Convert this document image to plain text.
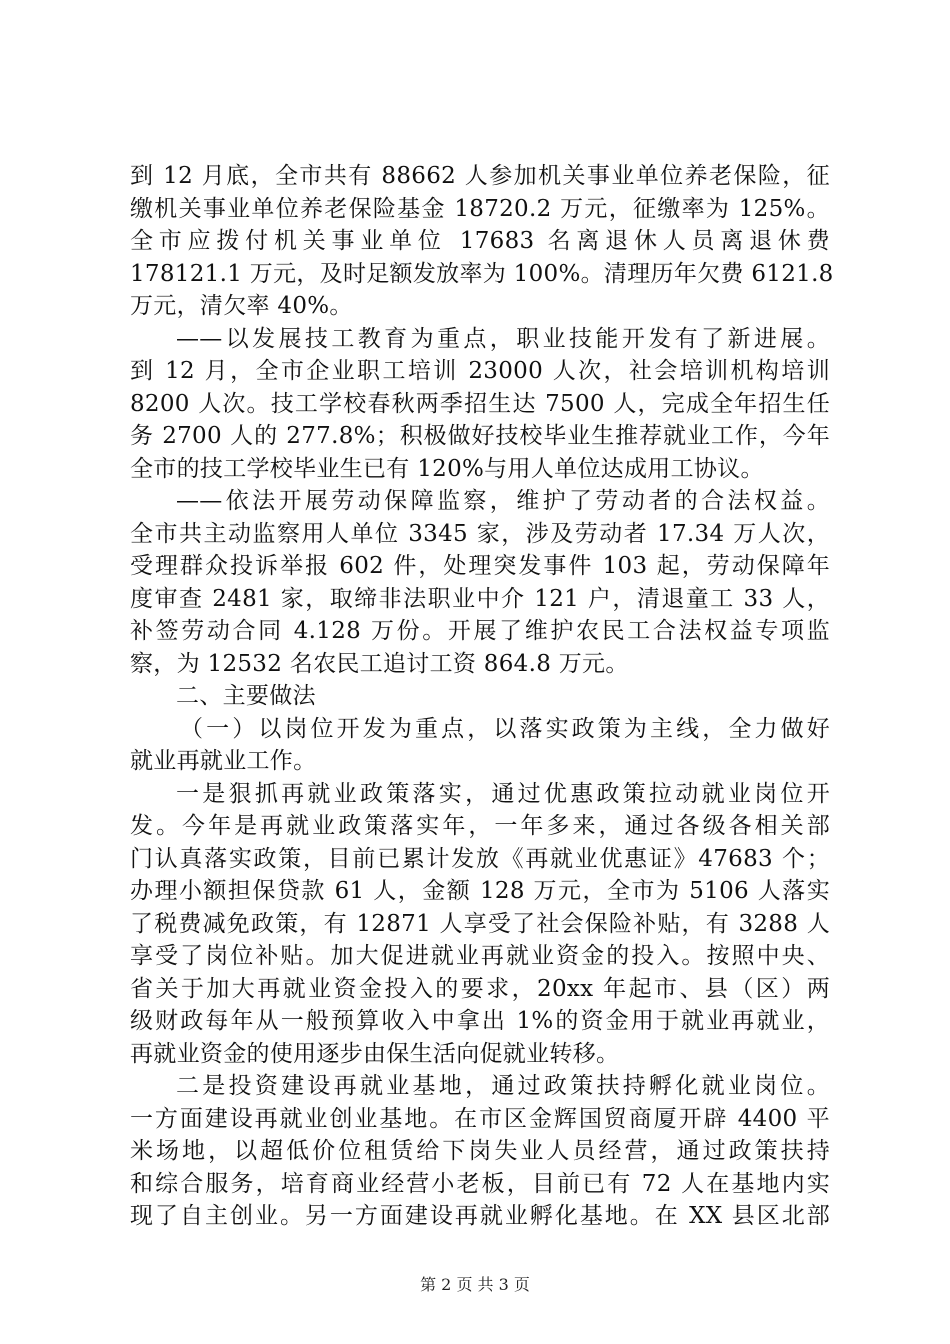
到 12 月底，全市共有 88662 人参加机关事业单位养老保险，征
缴机关事业单位养老保险基金 18720.2 万元，征缴率为 125%。
全市应拨付机关事业单位 17683 名离退休人员离退休费
178121.1 万元，及时足额发放率为 100%。清理历年欠费 6121.8
万元，清欠率 40%。
——以发展技工教育为重点，职业技能开发有了新进展。
到 12 月，全市企业职工培训 23000 人次，社会培训机构培训
8200 人次。技工学校春秋两季招生达 7500 人，完成全年招生任
务 2700 人的 277.8%；积极做好技校毕业生推荐就业工作，今年
全市的技工学校毕业生已有 120%与用人单位达成用工协议。
——依法开展劳动保障监察，维护了劳动者的合法权益。
全市共主动监察用人单位 3345 家，涉及劳动者 17.34 万人次，
受理群众投诉举报 602 件，处理突发事件 103 起，劳动保障年
度审查 2481 家，取缔非法职业中介 121 户，清退童工 33 人，
补签劳动合同 4.128 万份。开展了维护农民工合法权益专项监
察，为 12532 名农民工追讨工资 864.8 万元。
二、主要做法
（一）以岗位开发为重点，以落实政策为主线，全力做好
就业再就业工作。
一是狠抓再就业政策落实，通过优惠政策拉动就业岗位开
发。今年是再就业政策落实年，一年多来，通过各级各相关部
门认真落实政策，目前已累计发放《再就业优惠证》47683 个；
办理小额担保贷款 61 人，金额 128 万元，全市为 5106 人落实
了税费减免政策，有 12871 人享受了社会保险补贴，有 3288 人
享受了岗位补贴。加大促进就业再就业资金的投入。按照中央、
省关于加大再就业资金投入的要求，20xx 年起市、县（区）两
级财政每年从一般预算收入中拿出 1%的资金用于就业再就业，
再就业资金的使用逐步由保生活向促就业转移。
二是投资建设再就业基地，通过政策扶持孵化就业岗位。
一方面建设再就业创业基地。在市区金辉国贸商厦开辟 4400 平
米场地，以超低价位租赁给下岗失业人员经营，通过政策扶持
和综合服务，培育商业经营小老板，目前已有 72 人在基地内实
现了自主创业。另一方面建设再就业孵化基地。在 XX 县区北部
第 2 页 共 3 页
